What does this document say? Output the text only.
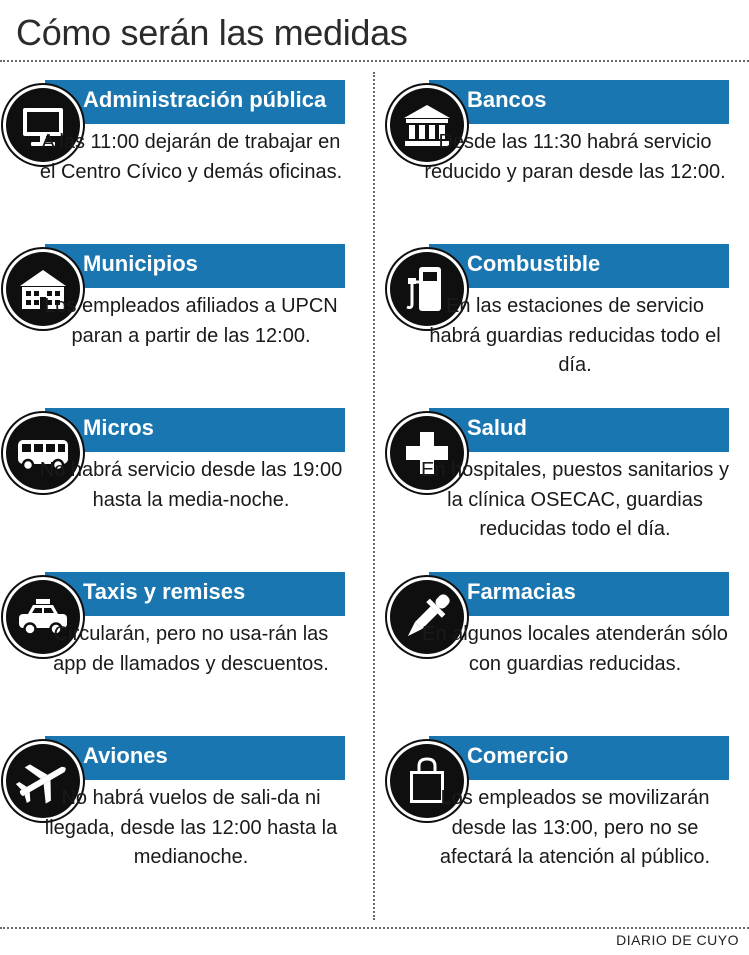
Cómo serán las medidas
Administración pública
A las 11:00 dejarán de trabajar en el Centro Cívico y demás oficinas.
Municipios
Los empleados afiliados a UPCN paran a partir de las 12:00.
Micros
No habrá servicio desde las 19:00 hasta la media-noche.
Taxis y remises
Circularán, pero no usa-rán las app de llamados y descuentos.
Aviones
No habrá vuelos de sali-da ni llegada, desde las 12:00 hasta la medianoche.
Bancos
Desde las 11:30 habrá servicio reducido y paran desde las 12:00.
Combustible
En las estaciones de servicio habrá guardias reducidas todo el día.
Salud
En hospitales, puestos sanitarios y la clínica OSECAC, guardias reducidas todo el día.
Farmacias
En algunos locales atenderán sólo con guardias reducidas.
Comercio
Los empleados se movilizarán desde las 13:00, pero no se afectará la atención al público.
DIARIO DE CUYO
